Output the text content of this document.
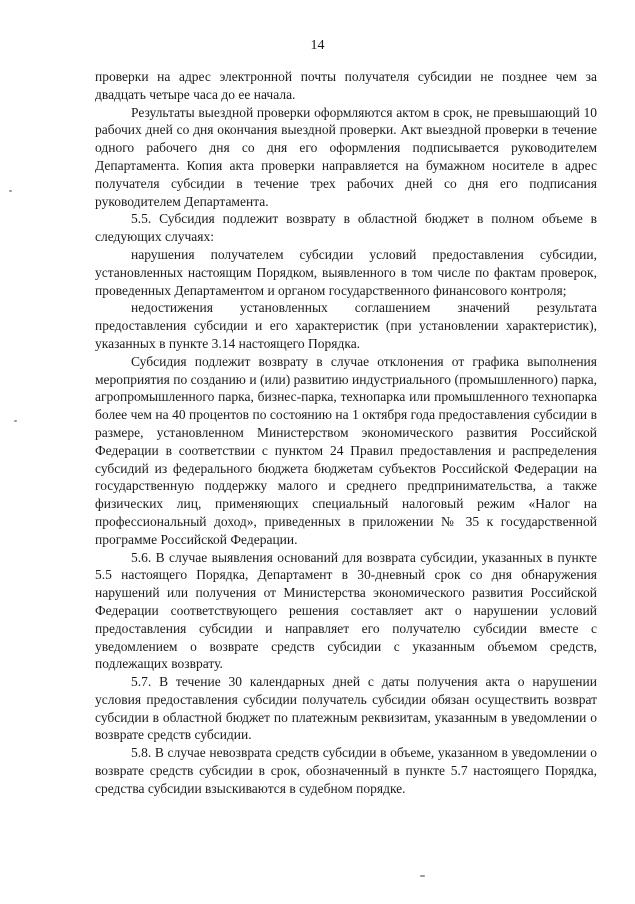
14

проверки на адрес электронной почты получателя субсидии не позднее чем за двадцать четыре часа до ее начала.

Результаты выездной проверки оформляются актом в срок, не превышающий 10 рабочих дней со дня окончания выездной проверки. Акт выездной проверки в течение одного рабочего дня со дня его оформления подписывается руководителем Департамента. Копия акта проверки направляется на бумажном носителе в адрес получателя субсидии в течение трех рабочих дней со дня его подписания руководителем Департамента.

5.5. Субсидия подлежит возврату в областной бюджет в полном объеме в следующих случаях:

нарушения получателем субсидии условий предоставления субсидии, установленных настоящим Порядком, выявленного в том числе по фактам проверок, проведенных Департаментом и органом государственного финансового контроля;

недостижения установленных соглашением значений результата предоставления субсидии и его характеристик (при установлении характеристик), указанных в пункте 3.14 настоящего Порядка.

Субсидия подлежит возврату в случае отклонения от графика выполнения мероприятия по созданию и (или) развитию индустриального (промышленного) парка, агропромышленного парка, бизнес-парка, технопарка или промышленного технопарка более чем на 40 процентов по состоянию на 1 октября года предоставления субсидии в размере, установленном Министерством экономического развития Российской Федерации в соответствии с пунктом 24 Правил предоставления и распределения субсидий из федерального бюджета бюджетам субъектов Российской Федерации на государственную поддержку малого и среднего предпринимательства, а также физических лиц, применяющих специальный налоговый режим «Налог на профессиональный доход», приведенных в приложении № 35 к государственной программе Российской Федерации.

5.6. В случае выявления оснований для возврата субсидии, указанных в пункте 5.5 настоящего Порядка, Департамент в 30-дневный срок со дня обнаружения нарушений или получения от Министерства экономического развития Российской Федерации соответствующего решения составляет акт о нарушении условий предоставления субсидии и направляет его получателю субсидии вместе с уведомлением о возврате средств субсидии с указанным объемом средств, подлежащих возврату.

5.7. В течение 30 календарных дней с даты получения акта о нарушении условия предоставления субсидии получатель субсидии обязан осуществить возврат субсидии в областной бюджет по платежным реквизитам, указанным в уведомлении о возврате средств субсидии.

5.8. В случае невозврата средств субсидии в объеме, указанном в уведомлении о возврате средств субсидии в срок, обозначенный в пункте 5.7 настоящего Порядка, средства субсидии взыскиваются в судебном порядке.
